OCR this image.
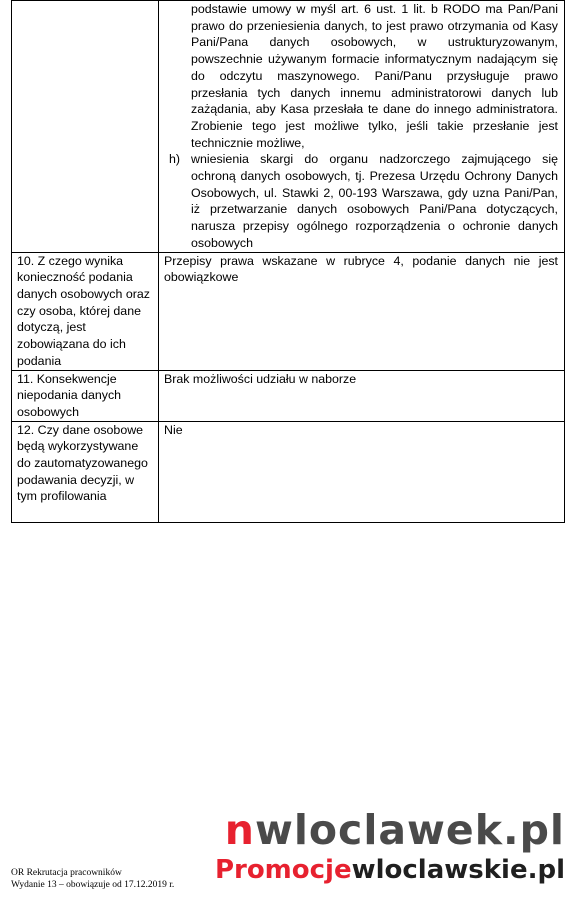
	podstawie umowy w myśl art. 6 ust. 1 lit. b RODO ma Pan/Pani prawo do przeniesienia danych, to jest prawo otrzymania od Kasy Pani/Pana danych osobowych, w ustrukturyzowanym, powszechnie używanym formacie informatycznym nadającym się do odczytu maszynowego. Pani/Panu przysługuje prawo przesłania tych danych innemu administratorowi danych lub zażądania, aby Kasa przesłała te dane do innego administratora. Zrobienie tego jest możliwe tylko, jeśli takie przesłanie jest technicznie możliwe,
h) wniesienia skargi do organu nadzorczego zajmującego się ochroną danych osobowych, tj. Prezesa Urzędu Ochrony Danych Osobowych, ul. Stawki 2, 00-193 Warszawa, gdy uzna Pani/Pan, iż przetwarzanie danych osobowych Pani/Pana dotyczących, narusza przepisy ogólnego rozporządzenia o ochronie danych osobowych

10. Z czego wynika konieczność podania danych osobowych oraz czy osoba, której dane dotyczą, jest zobowiązana do ich podania	Przepisy prawa wskazane w rubryce 4, podanie danych nie jest obowiązkowe
11. Konsekwencje niepodania danych osobowych	Brak możliwości udziału w naborze
12. Czy dane osobowe będą wykorzystywane do zautomatyzowanego podawania decyzji, w tym profilowania	Nie
OR Rekrutacja pracowników
Wydanie 13 – obowiązuje od 17.12.2019 r.
nwloclawek.pl
Promocjewloclawskie.pl
